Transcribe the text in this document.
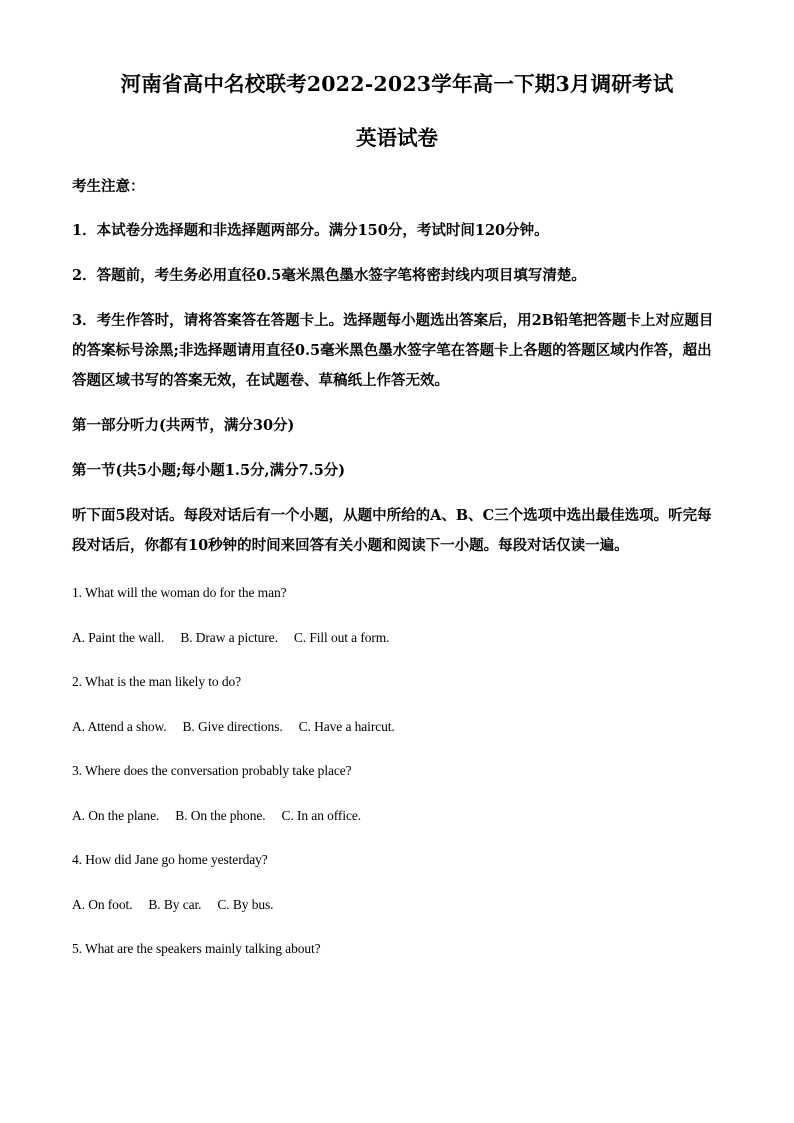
河南省高中名校联考2022-2023学年高一下期3月调研考试
英语试卷

考生注意：

1．本试卷分选择题和非选择题两部分。满分150分，考试时间120分钟。

2．答题前，考生务必用直径0.5毫米黑色墨水签字笔将密封线内项目填写清楚。

3．考生作答时，请将答案答在答题卡上。选择题每小题选出答案后，用2B铅笔把答题卡上对应题目的答案标号涂黑;非选择题请用直径0.5毫米黑色墨水签字笔在答题卡上各题的答题区域内作答，超出答题区域书写的答案无效，在试题卷、草稿纸上作答无效。

第一部分听力(共两节，满分30分)

第一节(共5小题;每小题1.5分,满分7.5分)

听下面5段对话。每段对话后有一个小题，从题中所给的A、B、C三个选项中选出最佳选项。听完每段对话后，你都有10秒钟的时间来回答有关小题和阅读下一小题。每段对话仅读一遍。

1. What will the woman do for the man?

A. Paint the wall. B. Draw a picture. C. Fill out a form.

2. What is the man likely to do?

A. Attend a show. B. Give directions. C. Have a haircut.

3. Where does the conversation probably take place?

A. On the plane. B. On the phone. C. In an office.

4. How did Jane go home yesterday?

A. On foot. B. By car. C. By bus.

5. What are the speakers mainly talking about?
